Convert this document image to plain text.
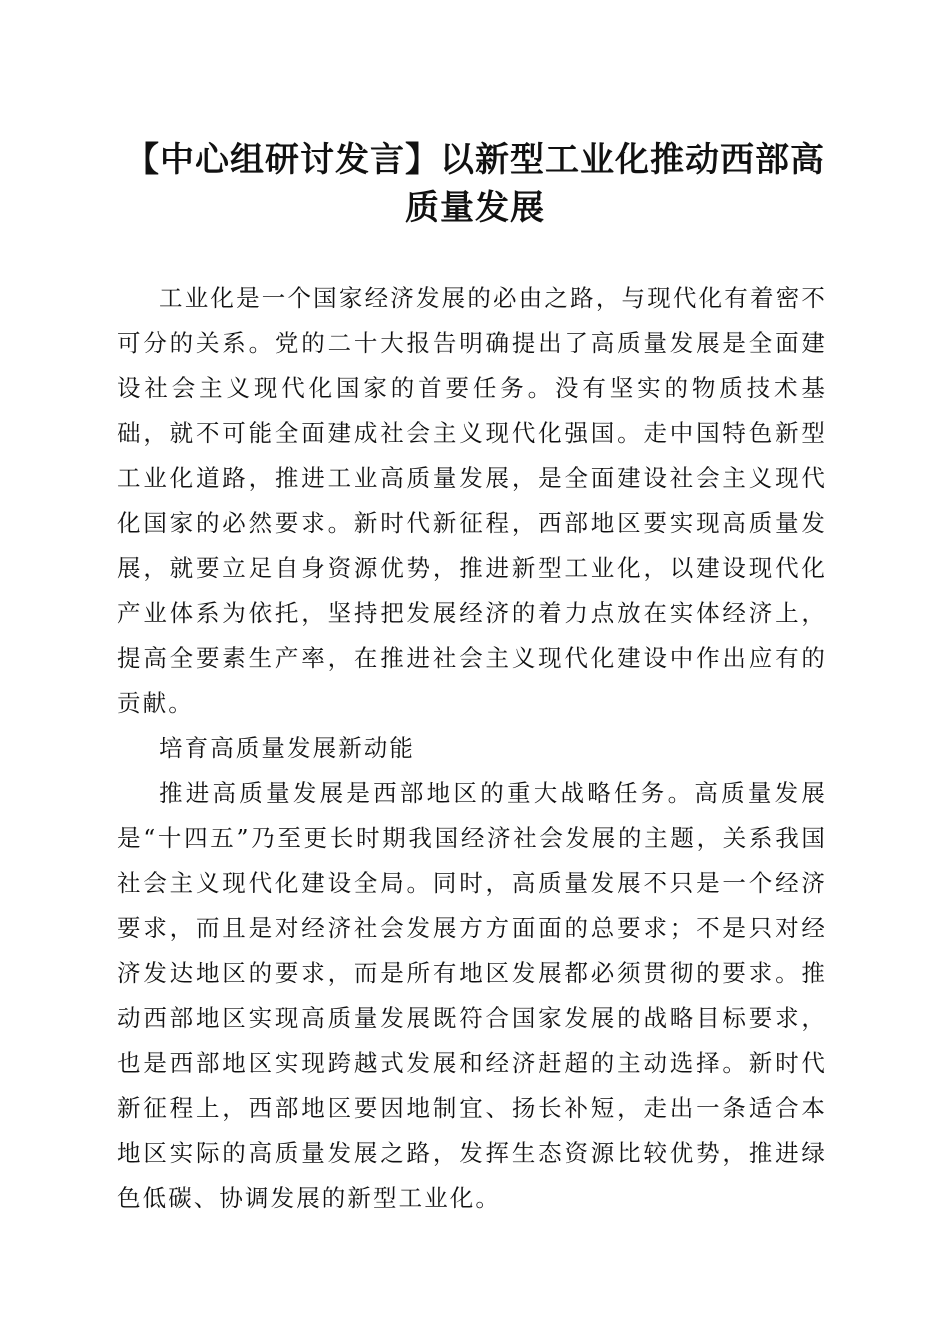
【中心组研讨发言】以新型工业化推动西部高质量发展

工业化是一个国家经济发展的必由之路，与现代化有着密不可分的关系。党的二十大报告明确提出了高质量发展是全面建设社会主义现代化国家的首要任务。没有坚实的物质技术基础，就不可能全面建成社会主义现代化强国。走中国特色新型工业化道路，推进工业高质量发展，是全面建设社会主义现代化国家的必然要求。新时代新征程，西部地区要实现高质量发展，就要立足自身资源优势，推进新型工业化，以建设现代化产业体系为依托，坚持把发展经济的着力点放在实体经济上，提高全要素生产率，在推进社会主义现代化建设中作出应有的贡献。

培育高质量发展新动能

推进高质量发展是西部地区的重大战略任务。高质量发展是“十四五”乃至更长时期我国经济社会发展的主题，关系我国社会主义现代化建设全局。同时，高质量发展不只是一个经济要求，而且是对经济社会发展方方面面的总要求；不是只对经济发达地区的要求，而是所有地区发展都必须贯彻的要求。推动西部地区实现高质量发展既符合国家发展的战略目标要求，也是西部地区实现跨越式发展和经济赶超的主动选择。新时代新征程上，西部地区要因地制宜、扬长补短，走出一条适合本地区实际的高质量发展之路，发挥生态资源比较优势，推进绿色低碳、协调发展的新型工业化。
